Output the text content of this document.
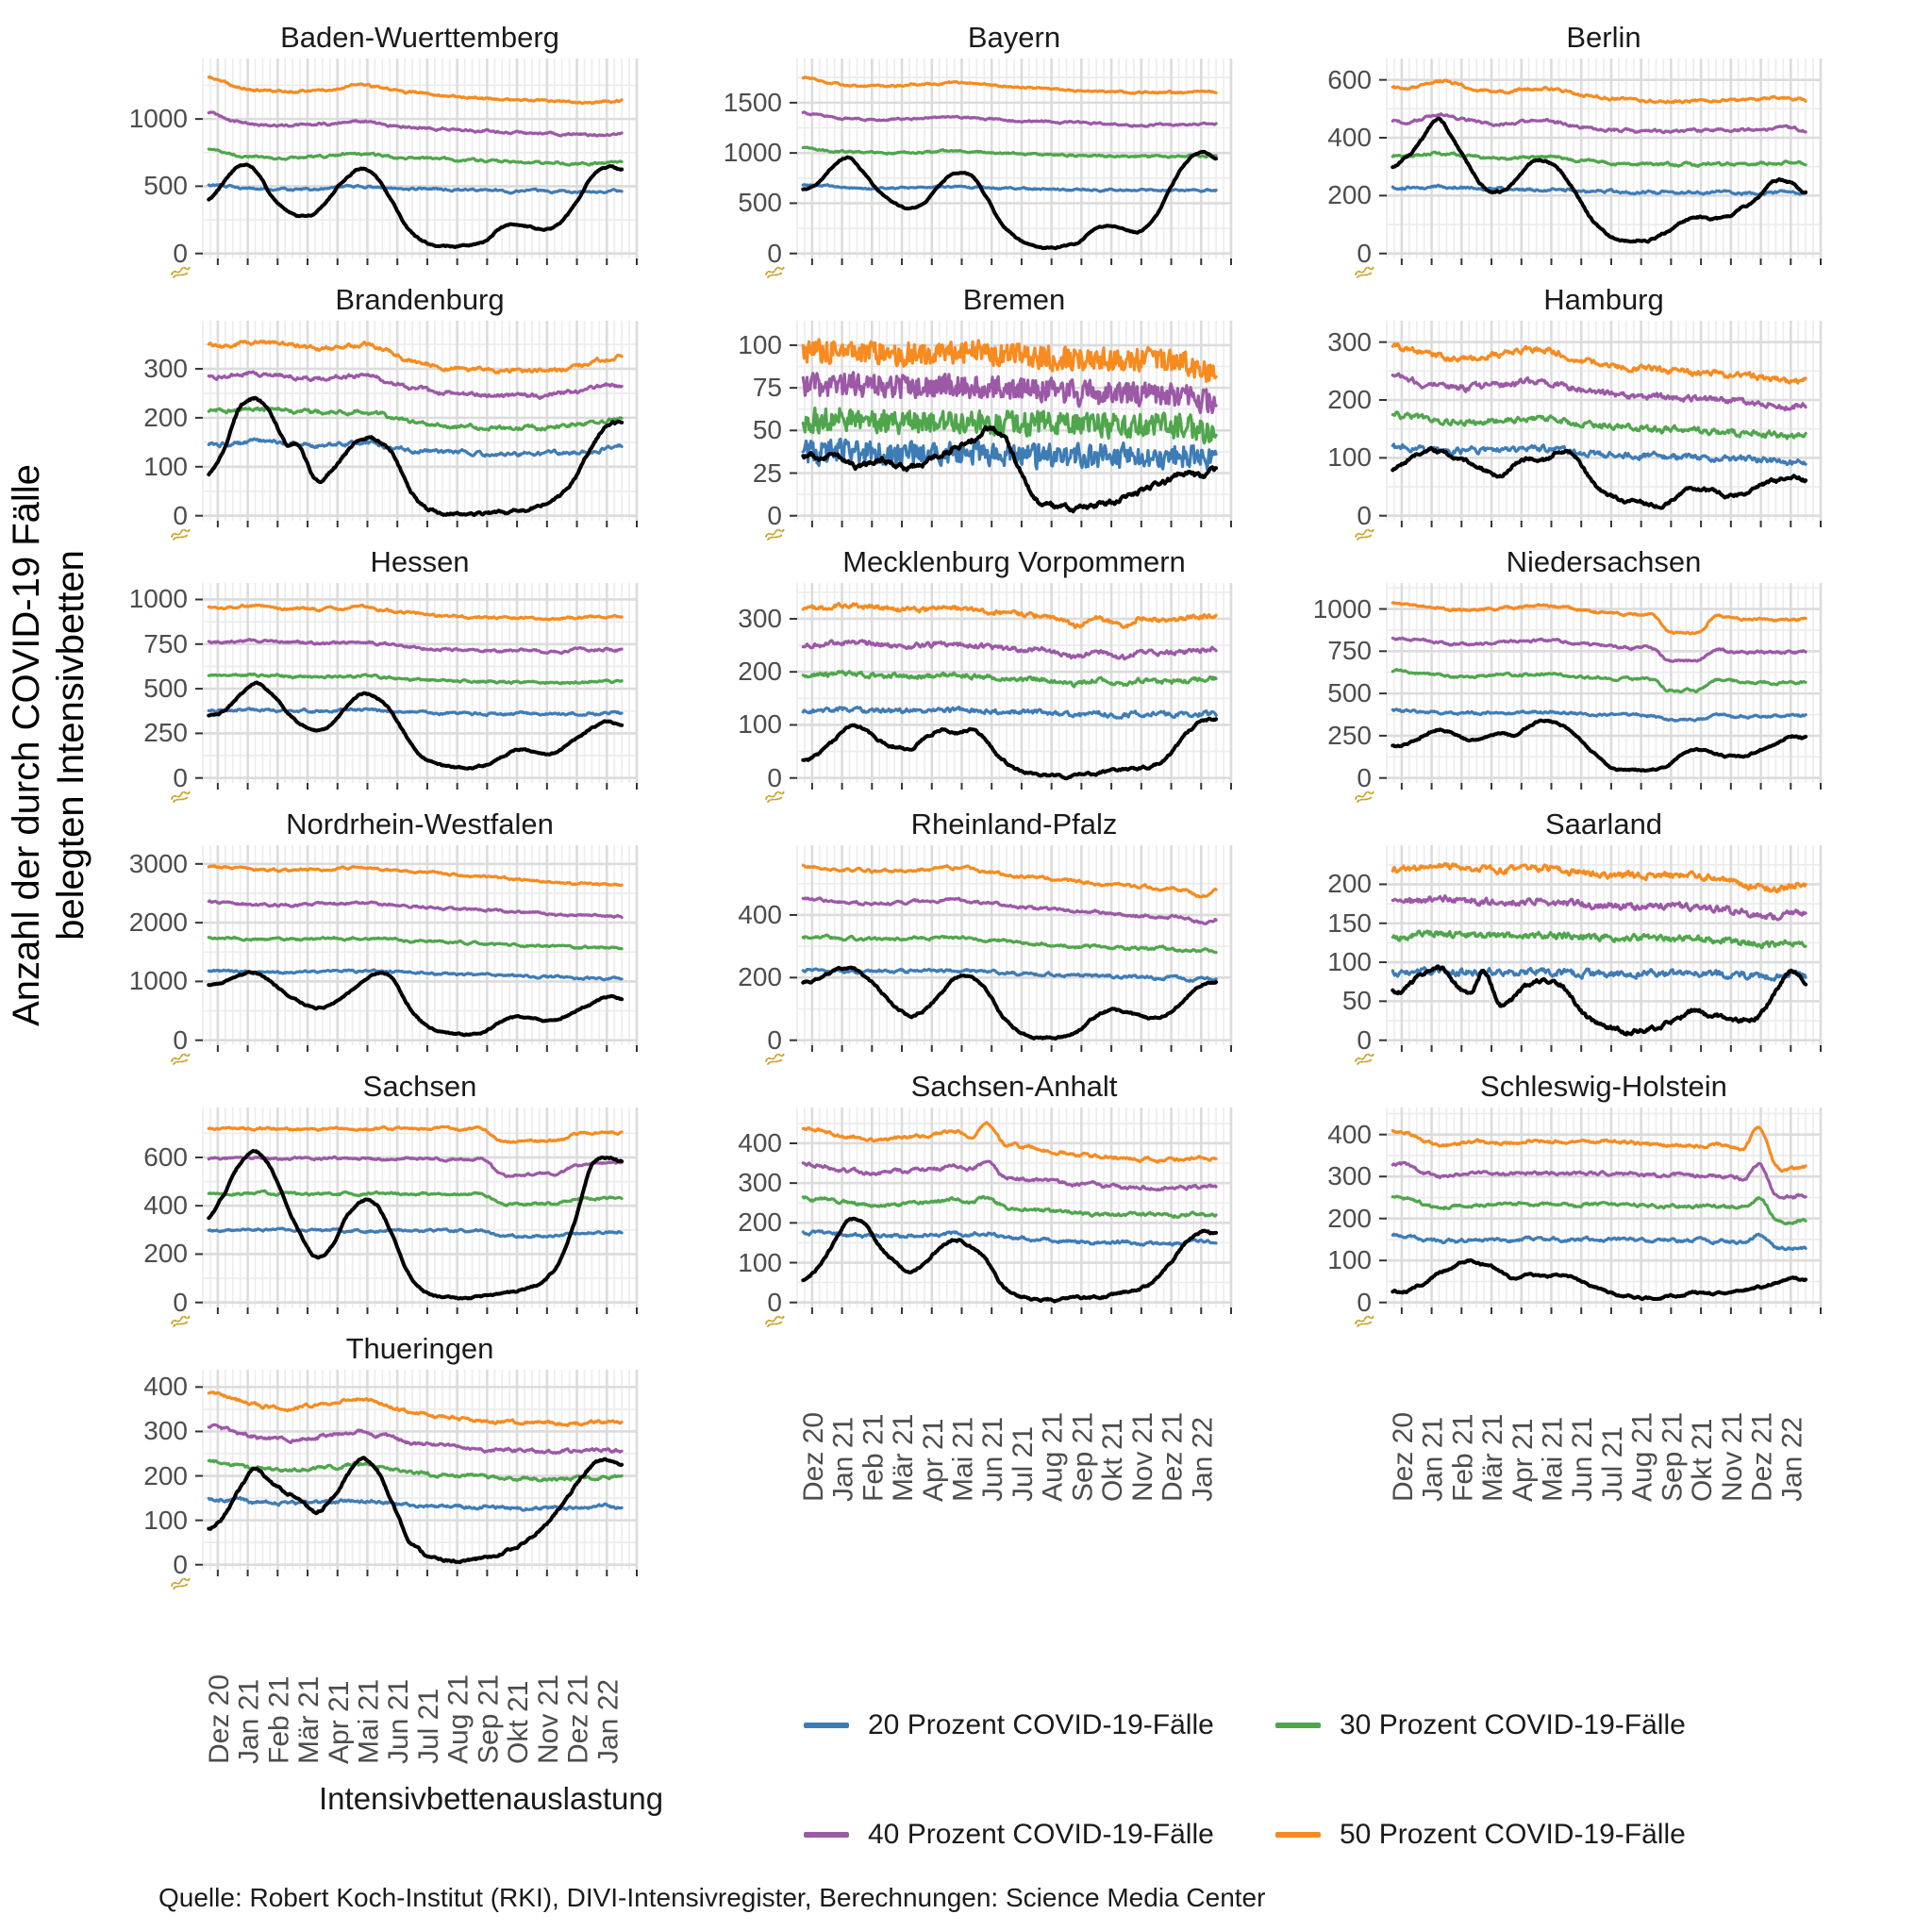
Anzahl der durch COVID-19 Fälle belegten Intensivbetten
Baden-Wuerttemberg
0
500
1000
Bayern
0
500
1000
1500
Berlin
0
200
400
600
Brandenburg
0
100
200
300
Bremen
0
25
50
75
100
Hamburg
0
100
200
300
Hessen
0
250
500
750
1000
Mecklenburg Vorpommern
0
100
200
300
Niedersachsen
0
250
500
750
1000
Nordrhein-Westfalen
0
1000
2000
3000
Rheinland-Pfalz
0
200
400
Saarland
0
50
100
150
200
Sachsen
0
200
400
600
Sachsen-Anhalt
0
100
200
300
400
Schleswig-Holstein
0
100
200
300
400
Thueringen
0
100
200
300
400
Dez 20
Jan 21
Feb 21
Mär 21
Apr 21
Mai 21
Jun 21
Jul 21
Aug 21
Sep 21
Okt 21
Nov 21
Dez 21
Jan 22
Dez 20
Jan 21
Feb 21
Mär 21
Apr 21
Mai 21
Jun 21
Jul 21
Aug 21
Sep 21
Okt 21
Nov 21
Dez 21
Jan 22	Dez 20
Jan 21
Feb 21
Mär 21
Apr 21
Mai 21
Jun 21
Jul 21
Aug 21
Sep 21
Okt 21
Nov 21
Dez 21
Jan 22
Intensivbettenauslastung
20 Prozent COVID-19-Fälle	30 Prozent COVID-19-Fälle
40 Prozent COVID-19-Fälle	50 Prozent COVID-19-Fälle
Quelle: Robert Koch-Institut (RKI), DIVI-Intensivregister, Berechnungen: Science Media Center
